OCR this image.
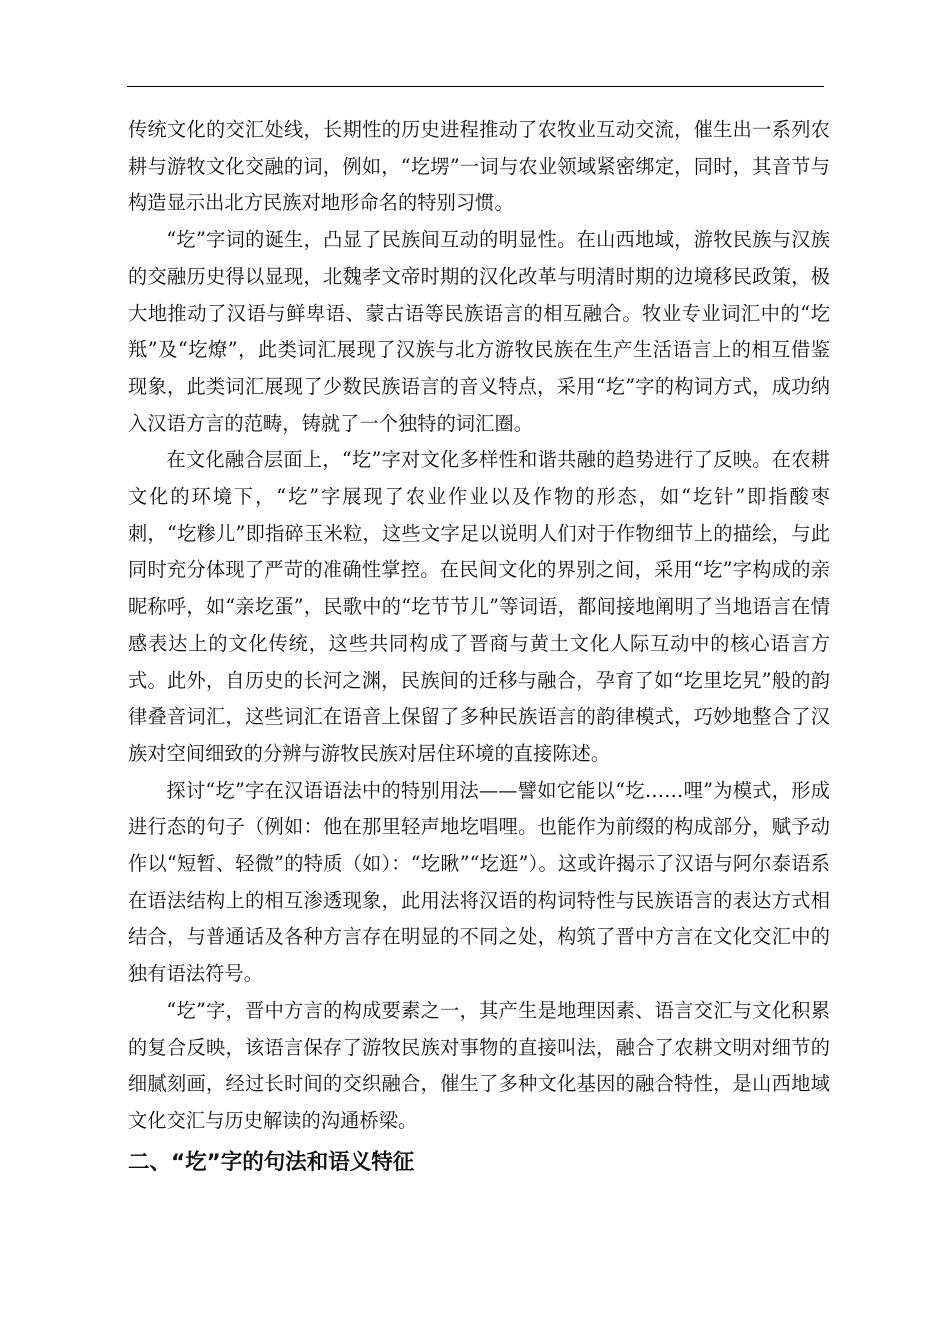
传统文化的交汇处线，长期性的历史进程推动了农牧业互动交流，催生出一系列农耕与游牧文化交融的词，例如，“圪塄”一词与农业领域紧密绑定，同时，其音节与构造显示出北方民族对地形命名的特别习惯。

“圪”字词的诞生，凸显了民族间互动的明显性。在山西地域，游牧民族与汉族的交融历史得以显现，北魏孝文帝时期的汉化改革与明清时期的边境移民政策，极大地推动了汉语与鲜卑语、蒙古语等民族语言的相互融合。牧业专业词汇中的“圪羝”及“圪燎”，此类词汇展现了汉族与北方游牧民族在生产生活语言上的相互借鉴现象，此类词汇展现了少数民族语言的音义特点，采用“圪”字的构词方式，成功纳入汉语方言的范畴，铸就了一个独特的词汇圈。

在文化融合层面上，“圪”字对文化多样性和谐共融的趋势进行了反映。在农耕文化的环境下，“圪”字展现了农业作业以及作物的形态，如“圪针”即指酸枣刺，“圪糁儿”即指碎玉米粒，这些文字足以说明人们对于作物细节上的描绘，与此同时充分体现了严苛的准确性掌控。在民间文化的界别之间，采用“圪”字构成的亲昵称呼，如“亲圪蛋”，民歌中的“圪节节儿”等词语，都间接地阐明了当地语言在情感表达上的文化传统，这些共同构成了晋商与黄土文化人际互动中的核心语言方式。此外，自历史的长河之渊，民族间的迁移与融合，孕育了如“圪里圪旯”般的韵律叠音词汇，这些词汇在语音上保留了多种民族语言的韵律模式，巧妙地整合了汉族对空间细致的分辨与游牧民族对居住环境的直接陈述。

探讨“圪”字在汉语语法中的特别用法——譬如它能以“圪……哩”为模式，形成进行态的句子（例如：他在那里轻声地圪唱哩。也能作为前缀的构成部分，赋予动作以“短暂、轻微”的特质（如）：“圪瞅”“圪逛”）。这或许揭示了汉语与阿尔泰语系在语法结构上的相互渗透现象，此用法将汉语的构词特性与民族语言的表达方式相结合，与普通话及各种方言存在明显的不同之处，构筑了晋中方言在文化交汇中的独有语法符号。

“圪”字，晋中方言的构成要素之一，其产生是地理因素、语言交汇与文化积累的复合反映，该语言保存了游牧民族对事物的直接叫法，融合了农耕文明对细节的细腻刻画，经过长时间的交织融合，催生了多种文化基因的融合特性，是山西地域文化交汇与历史解读的沟通桥梁。

二、“圪”字的句法和语义特征
